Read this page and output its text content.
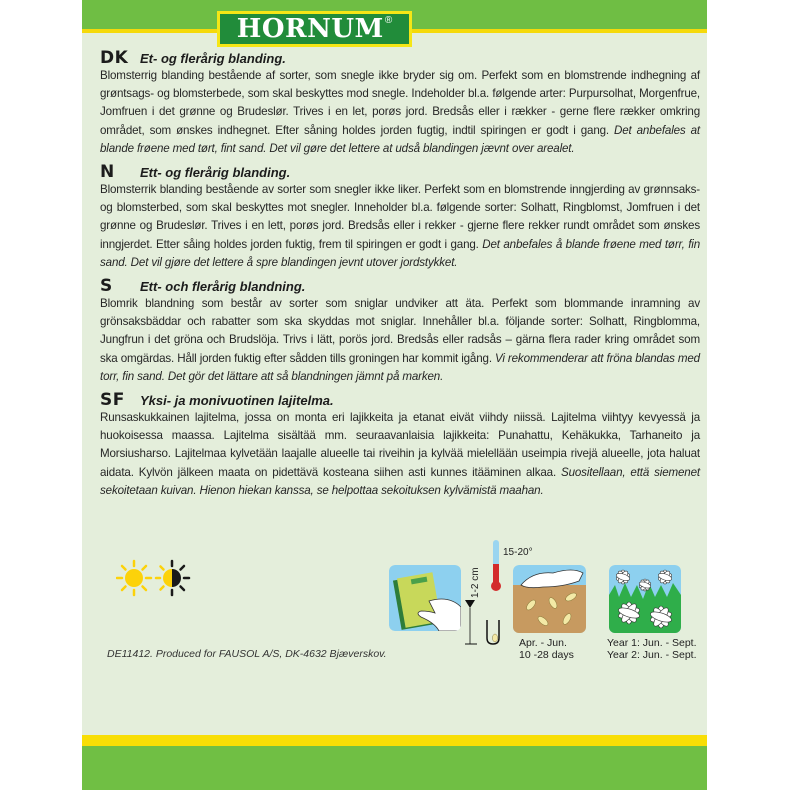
HORNUM ®
DK Et- og flerårig blanding.
Blomsterrig blanding bestående af sorter, som snegle ikke bryder sig om. Perfekt som en blomstrende indhegning af grøntsags- og blomsterbede, som skal beskyttes mod snegle. Indeholder bl.a. følgende arter: Purpursolhat, Morgenfrue, Jomfruen i det grønne og Brudeslør. Trives i en let, porøs jord. Bredsås eller i rækker - gerne flere rækker omkring området, som ønskes indhegnet. Efter såning holdes jorden fugtig, indtil spiringen er godt i gang. Det anbefales at blande frøene med tørt, fint sand. Det vil gøre det lettere at udså blandingen jævnt over arealet.
N	Ett- og flerårig blanding.
Blomsterrik blanding bestående av sorter som snegler ikke liker. Perfekt som en blomstrende inngjerding av grønnsaks- og blomsterbed, som skal beskyttes mot snegler. Inneholder bl.a. følgende sorter: Solhatt, Ringblomst, Jomfruen i det grønne og Brudeslør. Trives i en lett, porøs jord. Bredsås eller i rekker - gjerne flere rekker rundt området som ønskes inngjerdet. Etter såing holdes jorden fuktig, frem til spiringen er godt i gang. Det anbefales å blande frøene med tørr, fin sand. Det vil gjøre det lettere å spre blandingen jevnt utover jordstykket.
S	Ett- och flerårig blandning.
Blomrik blandning som består av sorter som sniglar undviker att äta. Perfekt som blommande inramning av grönsaksbäddar och rabatter som ska skyddas mot sniglar. Innehåller bl.a. följande sorter: Solhatt, Ringblomma, Jungfrun i det gröna och Brudslöja. Trivs i lätt, porös jord. Bredsås eller radsås – gärna flera rader kring området som ska omgärdas. Håll jorden fuktig efter sådden tills groningen har kommit igång. Vi rekommenderar att fröna blandas med torr, fin sand. Det gör det lättare att så blandningen jämnt på marken.
SF	Yksi- ja monivuotinen lajitelma.
Runsaskukkainen lajitelma, jossa on monta eri lajikkeita ja etanat eivät viihdy niissä. Lajitelma viihtyy kevyessä ja huokoisessa maassa. Lajitelma sisältää mm. seuraavanlaisia lajikkeita: Punahattu, Kehäkukka, Tarhaneito ja Morsiusharso. Lajitelmaa kylvetään laajalle alueelle tai riveihin ja kylvää mielellään useimpia rivejä alueelle, jota haluat aidata. Kylvön jälkeen maata on pidettävä kosteana siihen asti kunnes itääminen alkaa. Suositellaan, että siemenet sekoitetaan kuivan. Hienon hiekan kanssa, se helpottaa sekoituksen kylvämistä maahan.
1-2 cm
15-20°
Apr. - Jun.
10 -28 days
Year 1: Jun. - Sept.
Year 2: Jun. - Sept.
DE11412. Produced for FAUSOL A/S, DK-4632 Bjæverskov.
